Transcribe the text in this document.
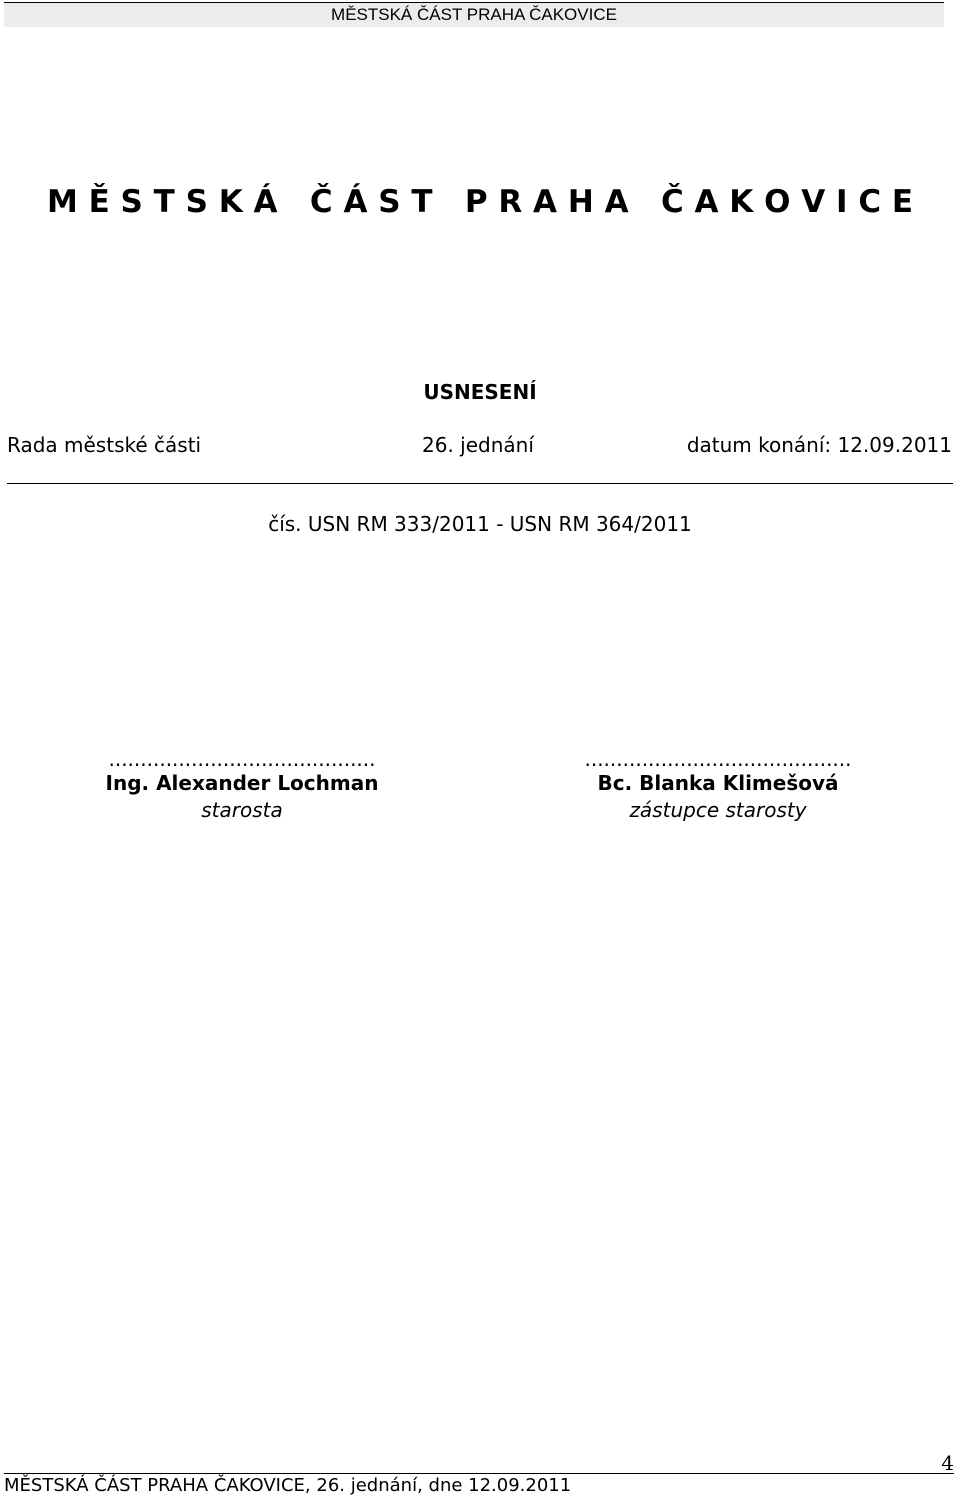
MĚSTSKÁ ČÁST PRAHA ČAKOVICE
M Ě S T S K Á   Č Á S T   P R A H A   Č A K O V I C E
USNESENÍ
Rada městské části	26. jednání	datum konání: 12.09.2011
čís. USN RM 333/2011 - USN RM 364/2011
..........................................
Ing. Alexander Lochman
starosta
..........................................
Bc. Blanka Klimešová
zástupce starosty
4
MĚSTSKÁ ČÁST PRAHA ČAKOVICE, 26. jednání, dne 12.09.2011
